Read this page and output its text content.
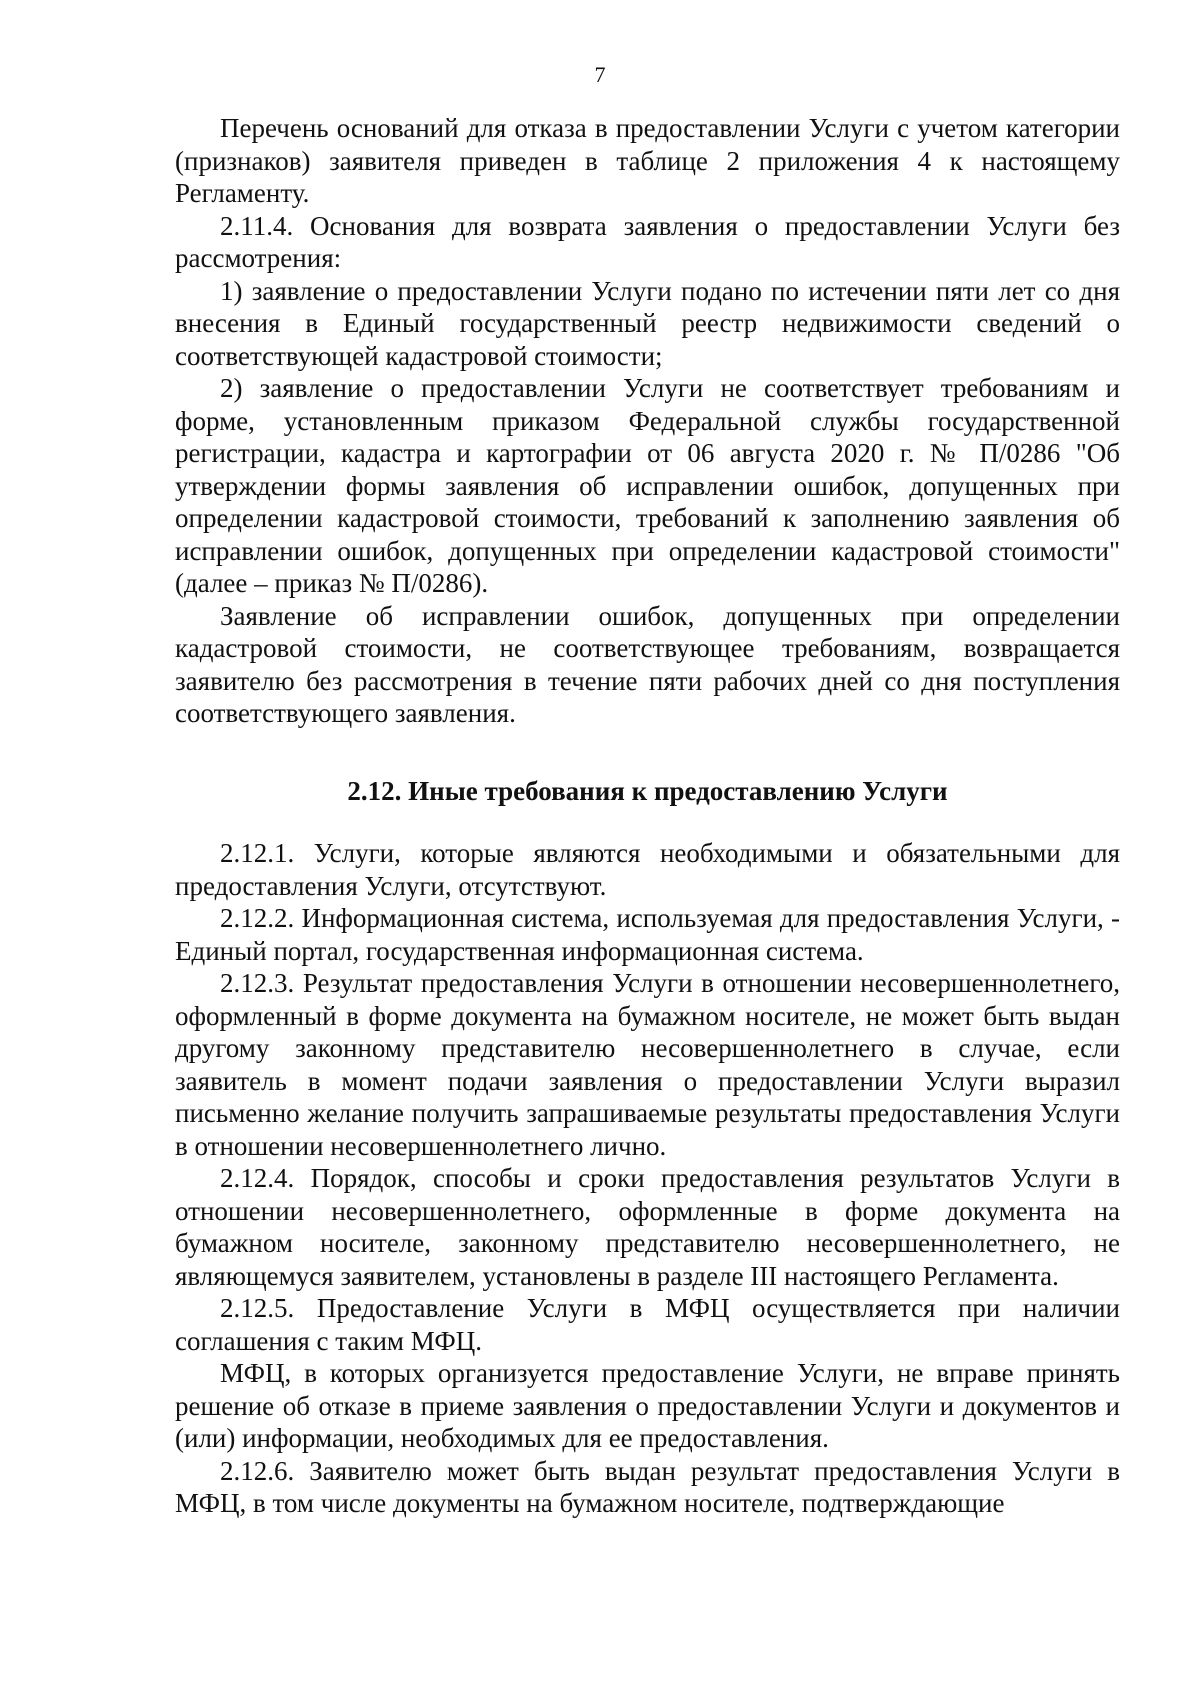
7

Перечень оснований для отказа в предоставлении Услуги с учетом категории (признаков) заявителя приведен в таблице 2 приложения 4 к настоящему Регламенту.

2.11.4. Основания для возврата заявления о предоставлении Услуги без рассмотрения:

1) заявление о предоставлении Услуги подано по истечении пяти лет со дня внесения в Единый государственный реестр недвижимости сведений о соответствующей кадастровой стоимости;

2) заявление о предоставлении Услуги не соответствует требованиям и форме, установленным приказом Федеральной службы государственной регистрации, кадастра и картографии от 06 августа 2020 г. № П/0286 "Об утверждении формы заявления об исправлении ошибок, допущенных при определении кадастровой стоимости, требований к заполнению заявления об исправлении ошибок, допущенных при определении кадастровой стоимости" (далее – приказ № П/0286).

Заявление об исправлении ошибок, допущенных при определении кадастровой стоимости, не соответствующее требованиям, возвращается заявителю без рассмотрения в течение пяти рабочих дней со дня поступления соответствующего заявления.

2.12. Иные требования к предоставлению Услуги

2.12.1. Услуги, которые являются необходимыми и обязательными для предоставления Услуги, отсутствуют.

2.12.2. Информационная система, используемая для предоставления Услуги, - Единый портал, государственная информационная система.

2.12.3. Результат предоставления Услуги в отношении несовершеннолетнего, оформленный в форме документа на бумажном носителе, не может быть выдан другому законному представителю несовершеннолетнего в случае, если заявитель в момент подачи заявления о предоставлении Услуги выразил письменно желание получить запрашиваемые результаты предоставления Услуги в отношении несовершеннолетнего лично.

2.12.4. Порядок, способы и сроки предоставления результатов Услуги в отношении несовершеннолетнего, оформленные в форме документа на бумажном носителе, законному представителю несовершеннолетнего, не являющемуся заявителем, установлены в разделе III настоящего Регламента.

2.12.5. Предоставление Услуги в МФЦ осуществляется при наличии соглашения с таким МФЦ.

МФЦ, в которых организуется предоставление Услуги, не вправе принять решение об отказе в приеме заявления о предоставлении Услуги и документов и (или) информации, необходимых для ее предоставления.

2.12.6. Заявителю может быть выдан результат предоставления Услуги в МФЦ, в том числе документы на бумажном носителе, подтверждающие
